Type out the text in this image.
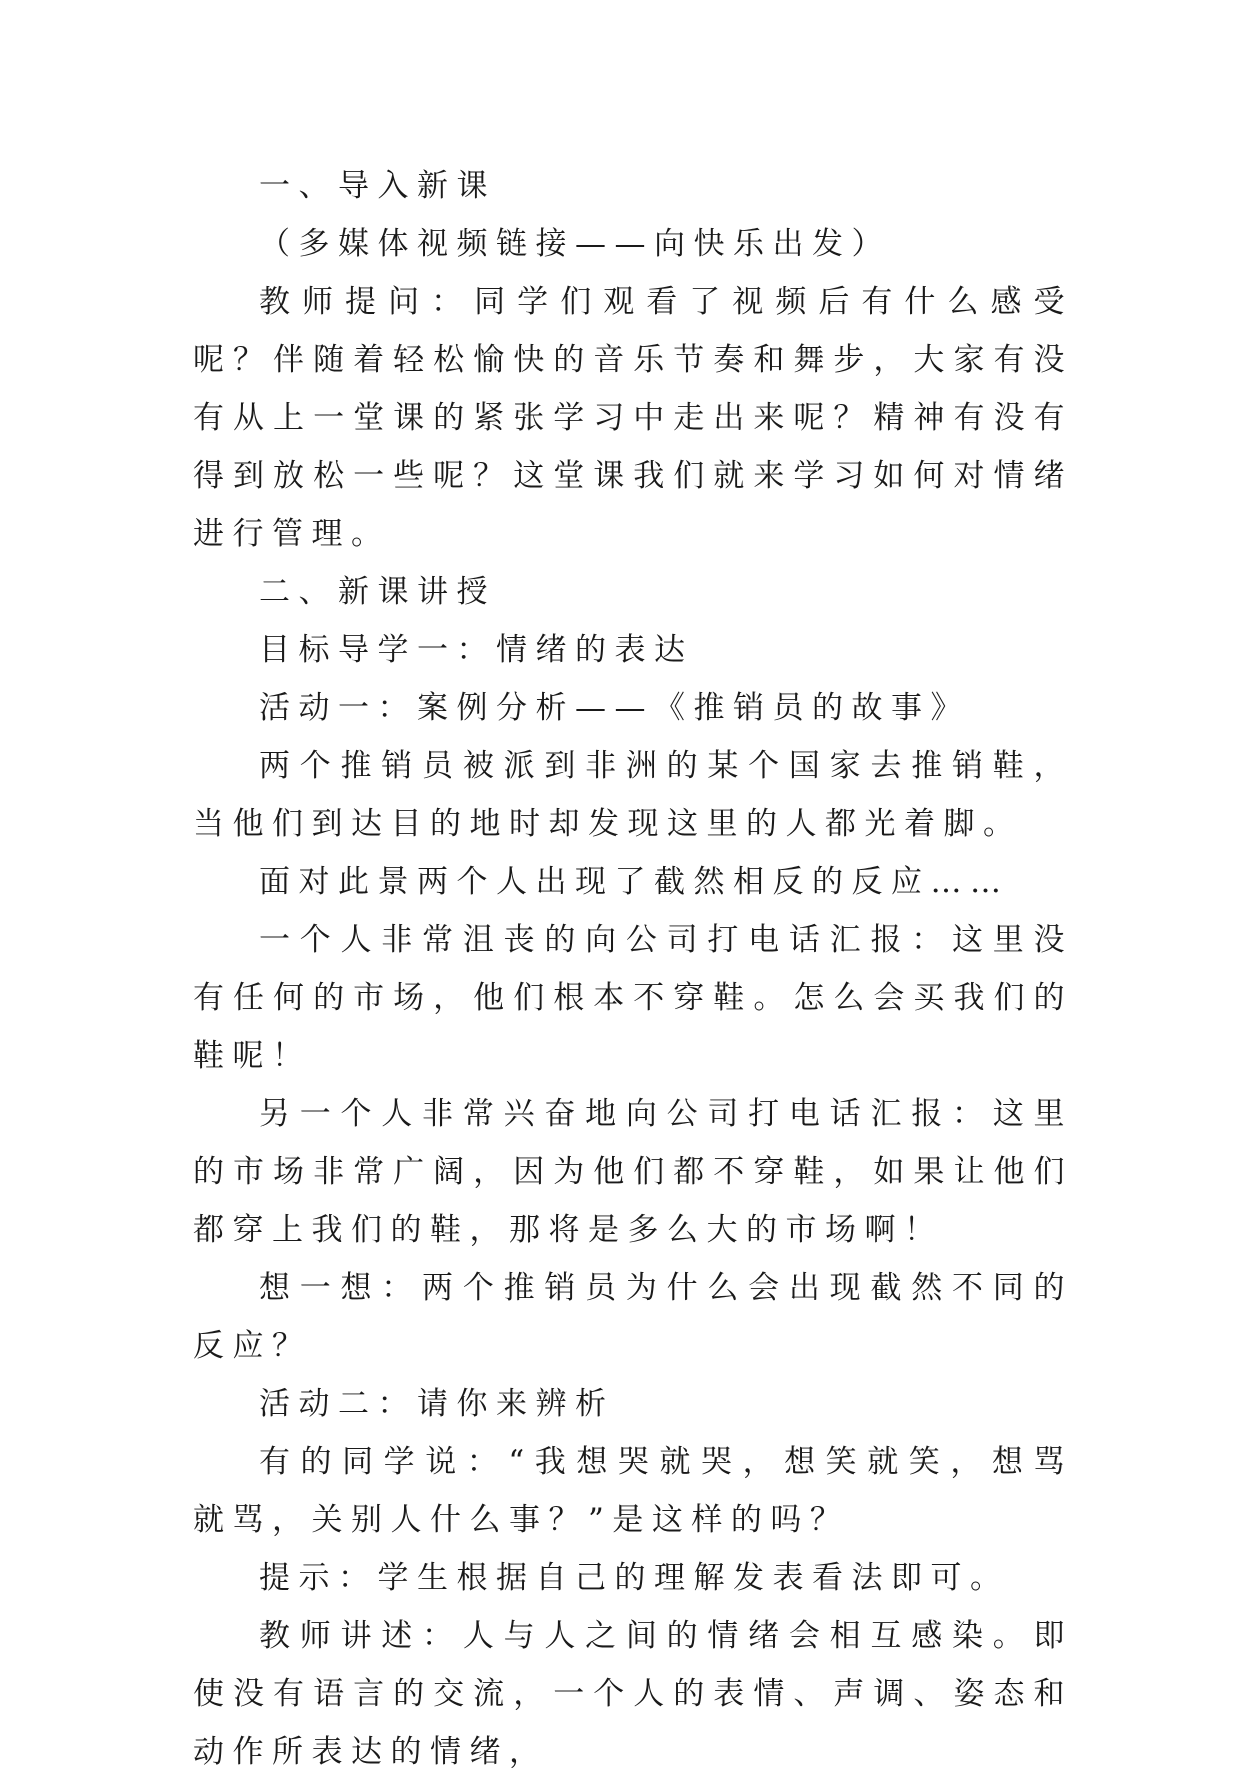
一、导入新课

（多媒体视频链接——向快乐出发）

教师提问：同学们观看了视频后有什么感受呢？伴随着轻松愉快的音乐节奏和舞步，大家有没有从上一堂课的紧张学习中走出来呢？精神有没有得到放松一些呢？这堂课我们就来学习如何对情绪进行管理。

二、新课讲授

目标导学一：情绪的表达

活动一：案例分析——《推销员的故事》

两个推销员被派到非洲的某个国家去推销鞋，当他们到达目的地时却发现这里的人都光着脚。

面对此景两个人出现了截然相反的反应……

一个人非常沮丧的向公司打电话汇报：这里没有任何的市场，他们根本不穿鞋。怎么会买我们的鞋呢！

另一个人非常兴奋地向公司打电话汇报：这里的市场非常广阔，因为他们都不穿鞋，如果让他们都穿上我们的鞋，那将是多么大的市场啊！

想一想：两个推销员为什么会出现截然不同的反应？

活动二：请你来辨析

有的同学说：“我想哭就哭，想笑就笑，想骂就骂，关别人什么事？”是这样的吗？

提示：学生根据自己的理解发表看法即可。

教师讲述：人与人之间的情绪会相互感染。即使没有语言的交流，一个人的表情、声调、姿态和动作所表达的情绪，
